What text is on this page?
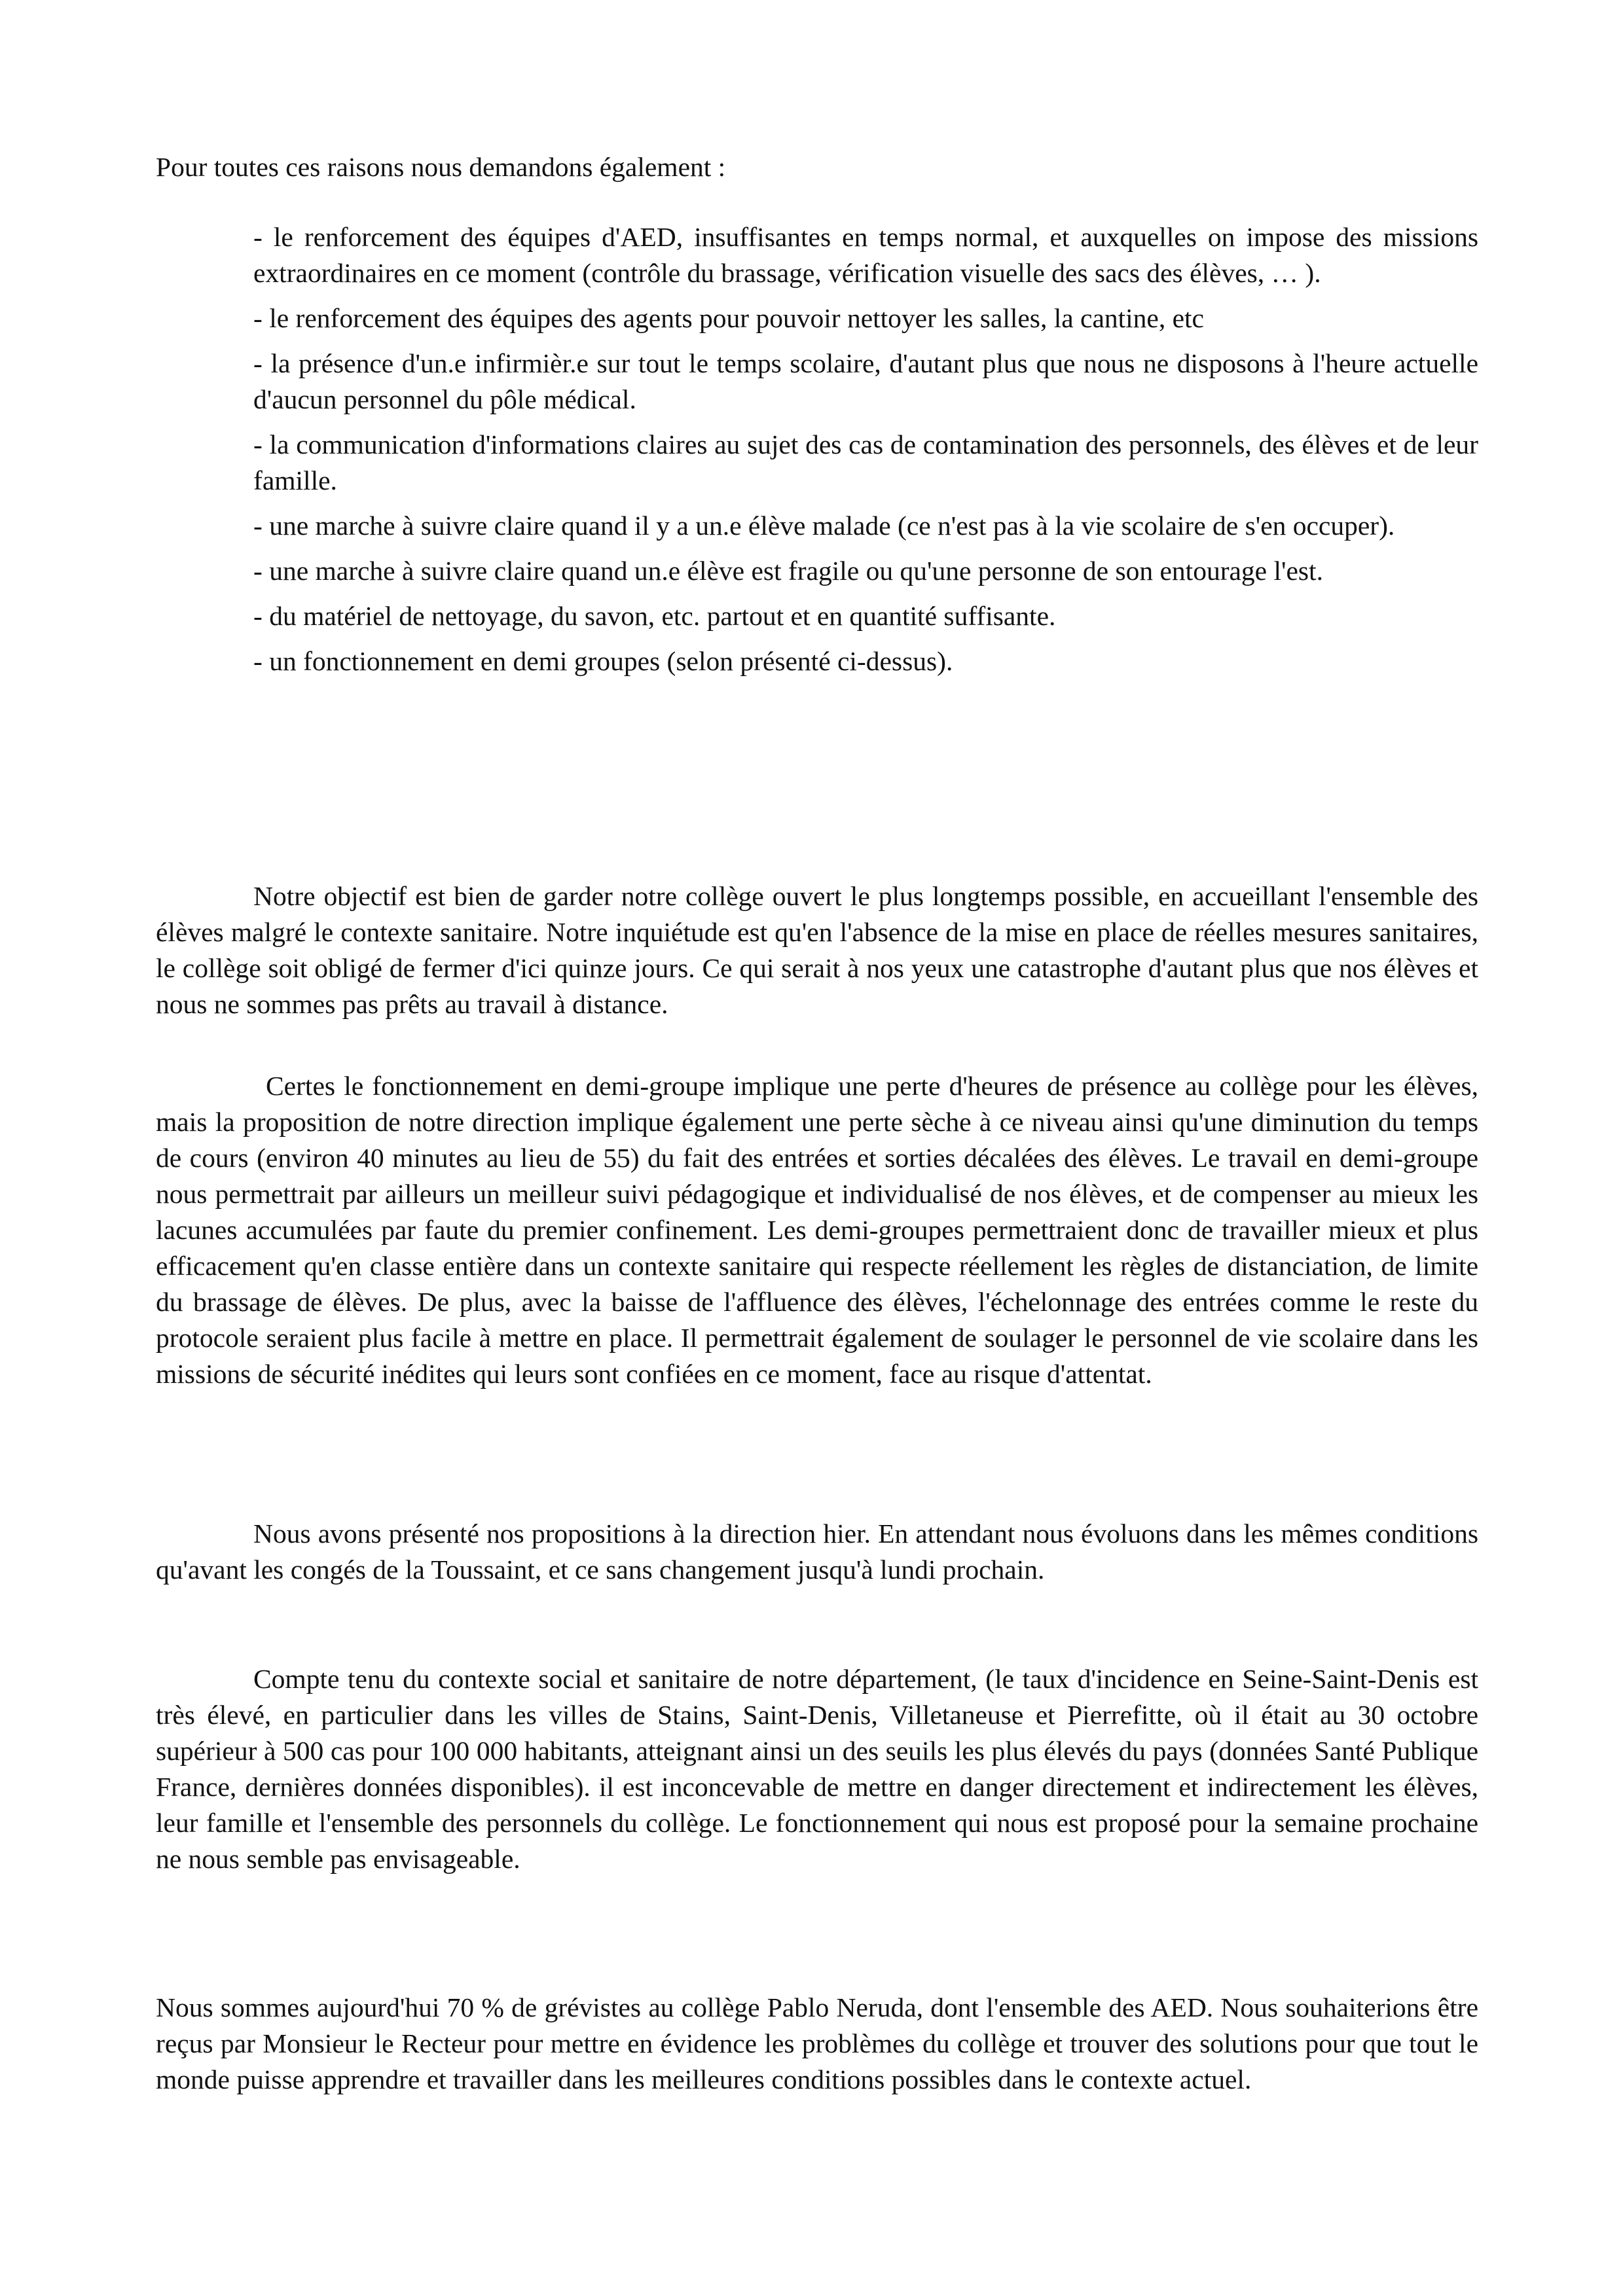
Pour toutes ces raisons nous demandons également :

- le renforcement des équipes d'AED, insuffisantes en temps normal, et auxquelles on impose des missions extraordinaires en ce moment (contrôle du brassage, vérification visuelle des sacs des élèves, … ).
- le renforcement des équipes des agents pour pouvoir nettoyer les salles, la cantine, etc
- la présence d'un.e infirmièr.e sur tout le temps scolaire, d'autant plus que nous ne disposons à l'heure actuelle d'aucun personnel du pôle médical.
- la communication d'informations claires au sujet des cas de contamination des personnels, des élèves et de leur famille.
- une marche à suivre claire quand il y a un.e élève malade (ce n'est pas à la vie scolaire de s'en occuper).
- une marche à suivre claire quand un.e élève est fragile ou qu'une personne de son entourage l'est.
- du matériel de nettoyage, du savon, etc. partout et en quantité suffisante.
- un fonctionnement en demi groupes (selon présenté ci-dessus).

Notre objectif est bien de garder notre collège ouvert le plus longtemps possible, en accueillant l'ensemble des élèves malgré le contexte sanitaire. Notre inquiétude est qu'en l'absence de la mise en place de réelles mesures sanitaires, le collège soit obligé de fermer d'ici quinze jours. Ce qui serait à nos yeux une catastrophe d'autant plus que nos élèves et nous ne sommes pas prêts au travail à distance.

Certes le fonctionnement en demi-groupe implique une perte d'heures de présence au collège pour les élèves, mais la proposition de notre direction implique également une perte sèche à ce niveau ainsi qu'une diminution du temps de cours (environ 40 minutes au lieu de 55) du fait des entrées et sorties décalées des élèves. Le travail en demi-groupe nous permettrait par ailleurs un meilleur suivi pédagogique et individualisé de nos élèves, et de compenser au mieux les lacunes accumulées par faute du premier confinement. Les demi-groupes permettraient donc de travailler mieux et plus efficacement qu'en classe entière dans un contexte sanitaire qui respecte réellement les règles de distanciation, de limite du brassage de élèves. De plus, avec la baisse de l'affluence des élèves, l'échelonnage des entrées comme le reste du protocole seraient plus facile à mettre en place. Il permettrait également de soulager le personnel de vie scolaire dans les missions de sécurité inédites qui leurs sont confiées en ce moment, face au risque d'attentat.

Nous avons présenté nos propositions à la direction hier. En attendant nous évoluons dans les mêmes conditions qu'avant les congés de la Toussaint, et ce sans changement jusqu'à lundi prochain.

Compte tenu du contexte social et sanitaire de notre département, (le taux d'incidence en Seine-Saint-Denis est très élevé, en particulier dans les villes de Stains, Saint-Denis, Villetaneuse et Pierrefitte, où il était au 30 octobre supérieur à 500 cas pour 100 000 habitants, atteignant ainsi un des seuils les plus élevés du pays (données Santé Publique France, dernières données disponibles). il est inconcevable de mettre en danger directement et indirectement les élèves, leur famille et l'ensemble des personnels du collège. Le fonctionnement qui nous est proposé pour la semaine prochaine ne nous semble pas envisageable.

Nous sommes aujourd'hui 70 % de grévistes au collège Pablo Neruda, dont l'ensemble des AED. Nous souhaiterions être reçus par Monsieur le Recteur pour mettre en évidence les problèmes du collège et trouver des solutions pour que tout le monde puisse apprendre et travailler dans les meilleures conditions possibles dans le contexte actuel.
